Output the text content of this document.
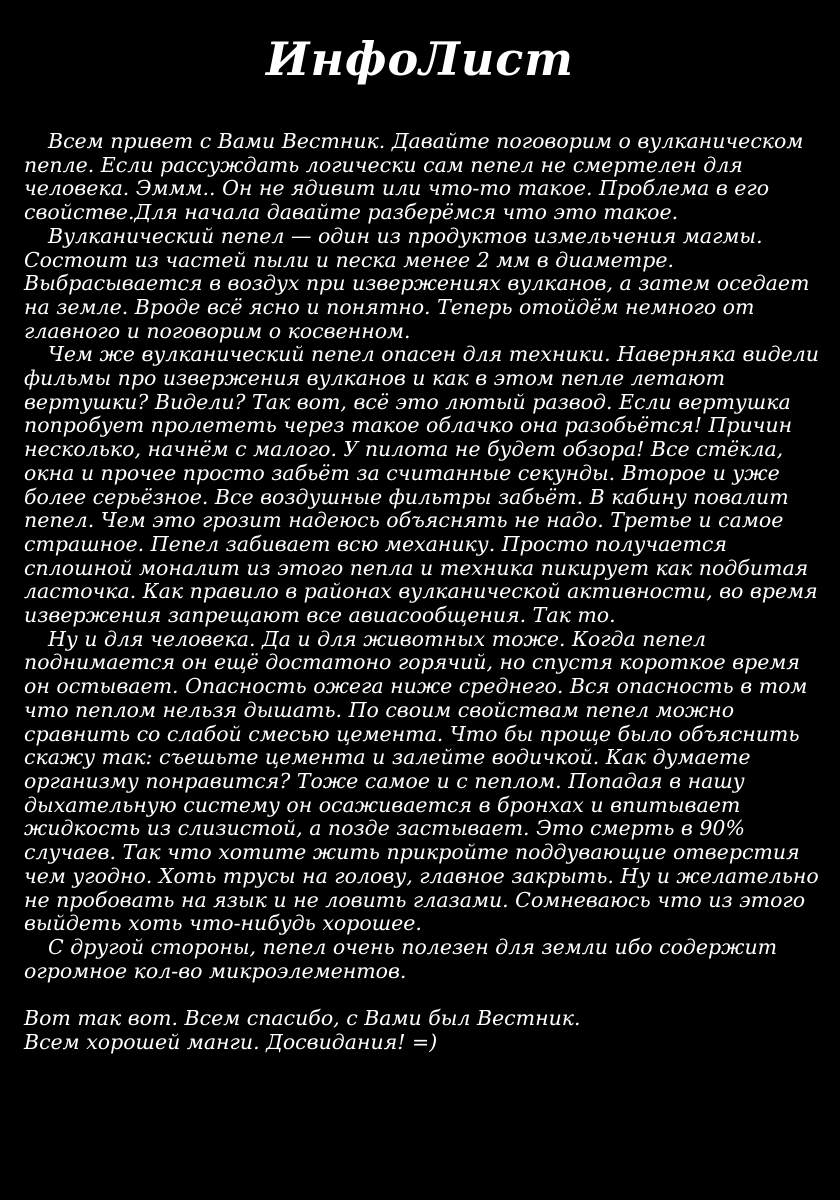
ИнфоЛист

Всем привет с Вами Вестник. Давайте поговорим о вулканическом пепле. Если рассуждать логически сам пепел не смертелен для человека. Эммм.. Он не ядивит или что-то такое. Проблема в его свойстве.Для начала давайте разберёмся что это такое.

Вулканический пепел — один из продуктов измельчения магмы. Состоит из частей пыли и песка менее 2 мм в диаметре. Выбрасывается в воздух при извержениях вулканов, а затем оседает на земле. Вроде всё ясно и понятно. Теперь отойдём немного от главного и поговорим о косвенном.

Чем же вулканический пепел опасен для техники. Наверняка видели фильмы про извержения вулканов и как в этом пепле летают вертушки? Видели? Так вот, всё это лютый развод. Если вертушка попробует пролететь через такое облачко она разобьётся! Причин несколько, начнём с малого. У пилота не будет обзора! Все стёкла, окна и прочее просто забьёт за считанные секунды. Второе и уже более серьёзное. Все воздушные фильтры забьёт. В кабину повалит пепел. Чем это грозит надеюсь объяснять не надо. Третье и самое страшное. Пепел забивает всю механику. Просто получается сплошной моналит из этого пепла и техника пикирует как подбитая ласточка. Как правило в районах вулканической активности, во время извержения запрещают все авиасообщения. Так то.

Ну и для человека. Да и для животных тоже. Когда пепел поднимается он ещё достатоно горячий, но спустя короткое время он остывает. Опасность ожега ниже среднего. Вся опасность в том что пеплом нельзя дышать. По своим свойствам пепел можно сравнить со слабой смесью цемента. Что бы проще было объяснить скажу так: съешьте цемента и залейте водичкой. Как думаете организму понравится? Тоже самое и с пеплом. Попадая в нашу дыхательную систему он осаживается в бронхах и впитывает жидкость из слизистой, а позде застывает. Это смерть в 90% случаев. Так что хотите жить прикройте поддувающие отверстия чем угодно. Хоть трусы на голову, главное закрыть. Ну и желательно не пробовать на язык и не ловить глазами. Сомневаюсь что из этого выйдеть хоть что-нибудь хорошее.

С другой стороны, пепел очень полезен для земли ибо содержит огромное кол-во микроэлементов.

Вот так вот. Всем спасибо, с Вами был Вестник.

Всем хорошей манги. Досвидания! =)
